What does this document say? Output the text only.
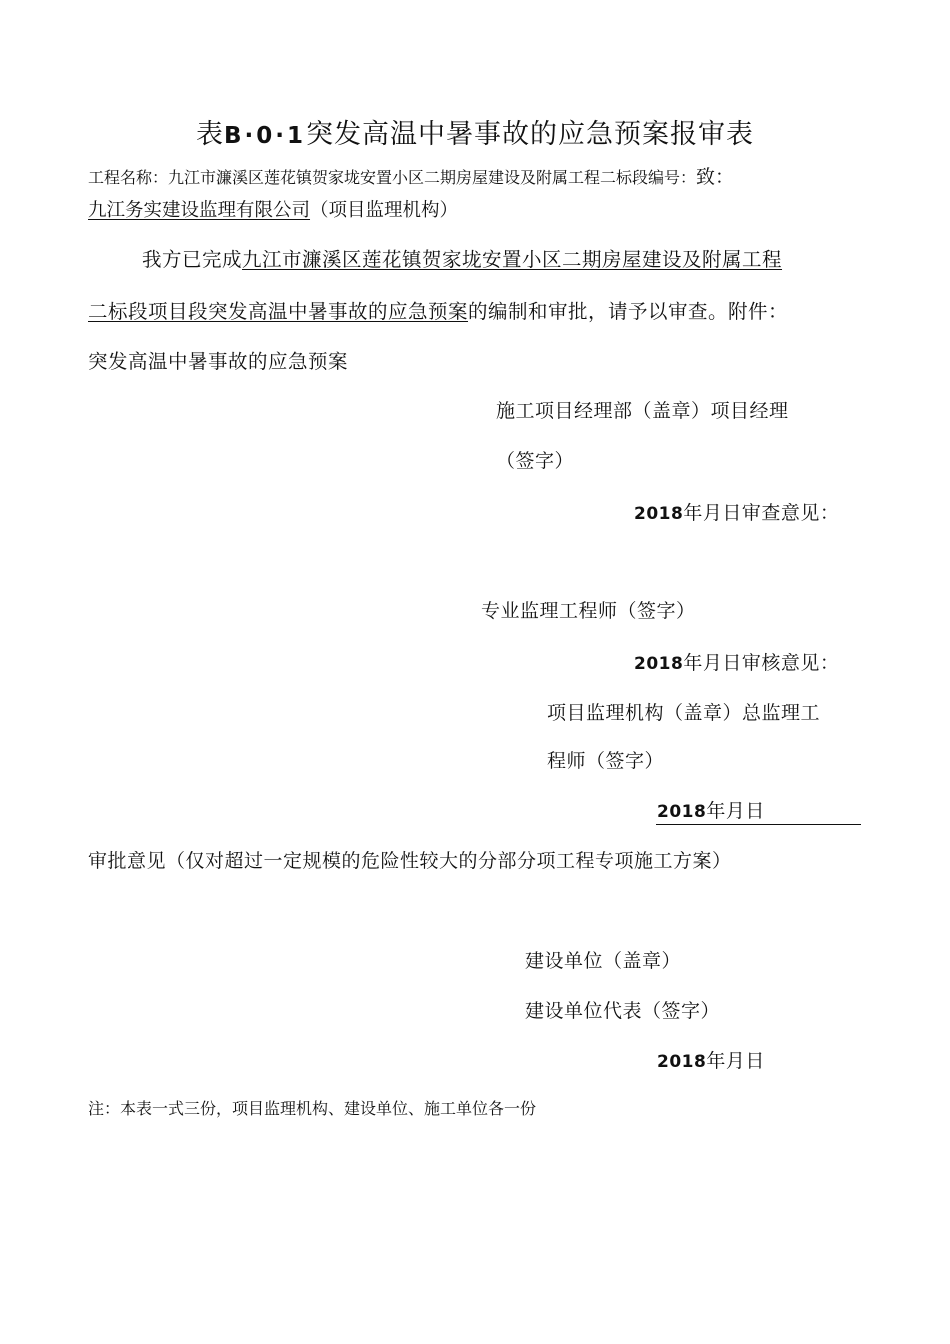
表B·0·1突发高温中暑事故的应急预案报审表
工程名称：九江市濂溪区莲花镇贺家垅安置小区二期房屋建设及附属工程二标段编号：致：
九江务实建设监理有限公司（项目监理机构）
我方已完成九江市濂溪区莲花镇贺家垅安置小区二期房屋建设及附属工程
二标段项目段突发高温中暑事故的应急预案的编制和审批，请予以审查。附件：
突发高温中暑事故的应急预案
施工项目经理部（盖章）项目经理
（签字）
2018年月日审查意见：
专业监理工程师（签字）
2018年月日审核意见：
项目监理机构（盖章）总监理工
程师（签字）
2018年月日
审批意见（仅对超过一定规模的危险性较大的分部分项工程专项施工方案）
建设单位（盖章）
建设单位代表（签字）
2018年月日
注：本表一式三份，项目监理机构、建设单位、施工单位各一份
